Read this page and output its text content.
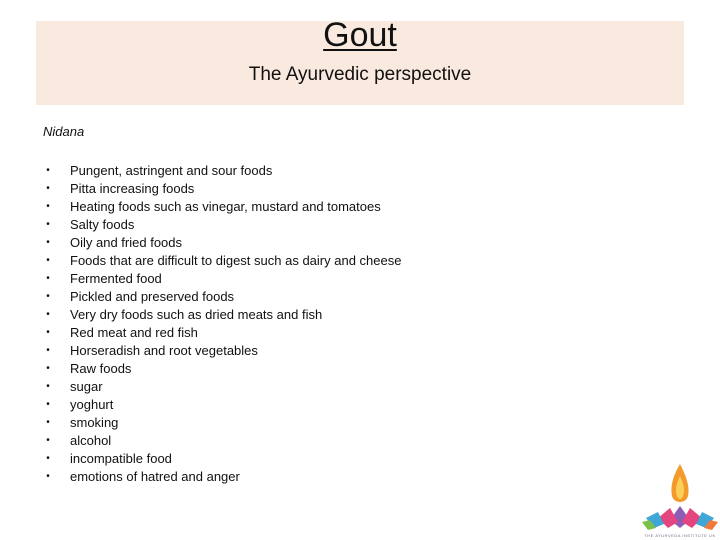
Gout
The Ayurvedic perspective
Nidana
• Pungent, astringent and sour foods
• Pitta increasing foods
• Heating foods such as vinegar, mustard and tomatoes
• Salty foods
• Oily and fried foods
• Foods that are difficult to digest such as dairy and cheese
• Fermented food
• Pickled and preserved foods
• Very dry foods such as dried meats and fish
• Red meat and red fish
• Horseradish and root vegetables
• Raw foods
• sugar
• yoghurt
• smoking
• alcohol
• incompatible food
• emotions of hatred and anger
THE AYURVEDA INSTITUTE UK
